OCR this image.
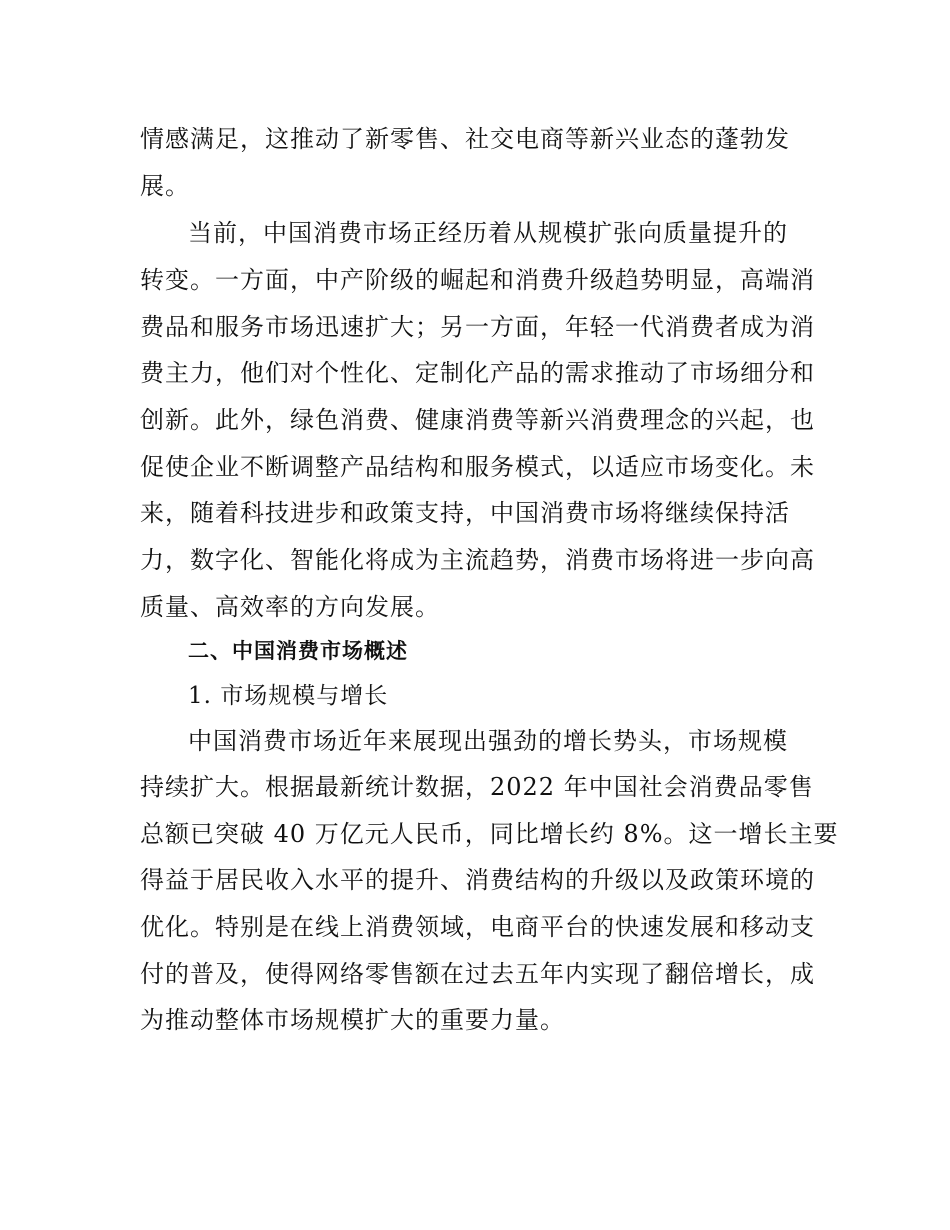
情感满足，这推动了新零售、社交电商等新兴业态的蓬勃发
展。
当前，中国消费市场正经历着从规模扩张向质量提升的
转变。一方面，中产阶级的崛起和消费升级趋势明显，高端消
费品和服务市场迅速扩大；另一方面，年轻一代消费者成为消
费主力，他们对个性化、定制化产品的需求推动了市场细分和
创新。此外，绿色消费、健康消费等新兴消费理念的兴起，也
促使企业不断调整产品结构和服务模式，以适应市场变化。未
来，随着科技进步和政策支持，中国消费市场将继续保持活
力，数字化、智能化将成为主流趋势，消费市场将进一步向高
质量、高效率的方向发展。
二、中国消费市场概述
1. 市场规模与增长
中国消费市场近年来展现出强劲的增长势头，市场规模
持续扩大。根据最新统计数据，2022 年中国社会消费品零售
总额已突破 40 万亿元人民币，同比增长约 8%。这一增长主要
得益于居民收入水平的提升、消费结构的升级以及政策环境的
优化。特别是在线上消费领域，电商平台的快速发展和移动支
付的普及，使得网络零售额在过去五年内实现了翻倍增长，成
为推动整体市场规模扩大的重要力量。
